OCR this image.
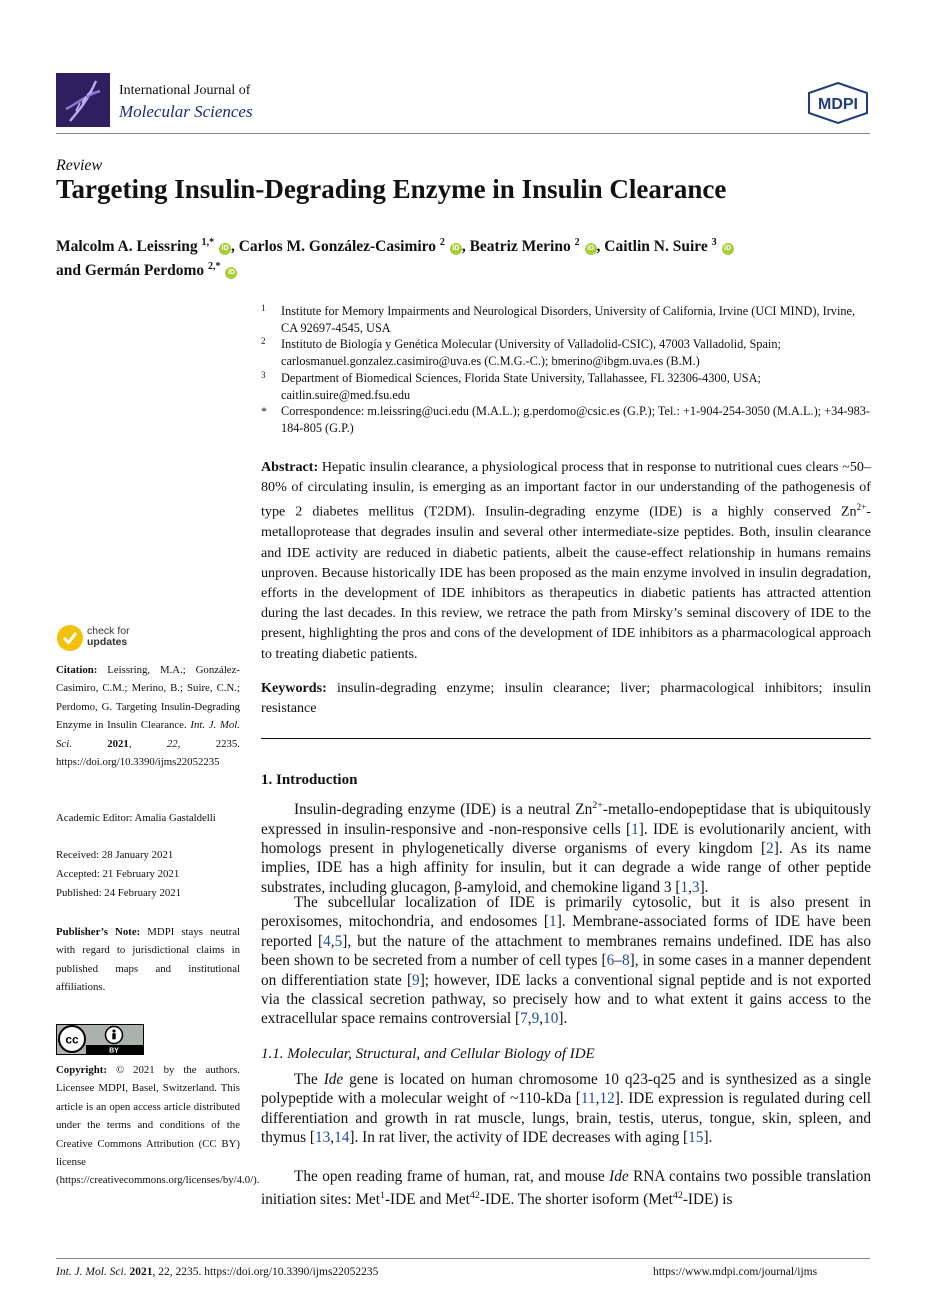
International Journal of
Molecular Sciences	MDPI
Review
Targeting Insulin-Degrading Enzyme in Insulin Clearance
Malcolm A. Leissring $^{1,*}$ iD , Carlos M. González-Casimiro $^2$ iD , Beatriz Merino $^2$ iD , Caitlin N. Suire $^3$ iD
and Germán Perdomo $^{2,*}$ iD
1 Institute for Memory Impairments and Neurological Disorders, University of California, Irvine (UCI MIND), Irvine, CA 92697-4545, USA
2 Instituto de Biología y Genética Molecular (University of Valladolid-CSIC), 47003 Valladolid, Spain; carlosmanuel.gonzalez.casimiro@uva.es (C.M.G.-C.); bmerino@ibgm.uva.es (B.M.)
3 Department of Biomedical Sciences, Florida State University, Tallahassee, FL 32306-4300, USA; caitlin.suire@med.fsu.edu
* Correspondence: m.leissring@uci.edu (M.A.L.); g.perdomo@csic.es (G.P.); Tel.: +1-904-254-3050 (M.A.L.); +34-983-184-805 (G.P.)
Abstract: Hepatic insulin clearance, a physiological process that in response to nutritional cues clears ~50–80% of circulating insulin, is emerging as an important factor in our understanding of the pathogenesis of type 2 diabetes mellitus (T2DM). Insulin-degrading enzyme (IDE) is a highly conserved $Zn^{2+}$-metalloprotease that degrades insulin and several other intermediate-size peptides. Both, insulin clearance and IDE activity are reduced in diabetic patients, albeit the cause-effect relationship in humans remains unproven. Because historically IDE has been proposed as the main enzyme involved in insulin degradation, efforts in the development of IDE inhibitors as therapeutics in diabetic patients has attracted attention during the last decades. In this review, we retrace the path from Mirsky’s seminal discovery of IDE to the present, highlighting the pros and cons of the development of IDE inhibitors as a pharmacological approach to treating diabetic patients.
Keywords: insulin-degrading enzyme; insulin clearance; liver; pharmacological inhibitors; insulin resistance
check for
updates
Citation: Leissring, M.A.; González-Casimiro, C.M.; Merino, B.; Suire, C.N.; Perdomo, G. Targeting Insulin-Degrading Enzyme in Insulin Clearance. Int. J. Mol. Sci. 2021, 22, 2235. https://doi.org/10.3390/ijms22052235
Academic Editor: Amalia Gastaldelli
Received: 28 January 2021
Accepted: 21 February 2021
Published: 24 February 2021
Publisher’s Note: MDPI stays neutral with regard to jurisdictional claims in published maps and institutional affiliations.
cc
BY
Copyright: © 2021 by the authors. Licensee MDPI, Basel, Switzerland. This article is an open access article distributed under the terms and conditions of the Creative Commons Attribution (CC BY) license (https://creativecommons.org/licenses/by/4.0/).
1. Introduction
Insulin-degrading enzyme (IDE) is a neutral $Zn^{2+}-metallo$-endopeptidase that is ubiquitously expressed in insulin-responsive and -non-responsive cells [1]. IDE is evolutionarily ancient, with homologs present in phylogenetically diverse organisms of every kingdom [2]. As its name implies, IDE has a high affinity for insulin, but it can degrade a wide range of other peptide substrates, including glucagon, β-amyloid, and chemokine ligand 3 [1,3].
The subcellular localization of IDE is primarily cytosolic, but it is also present in peroxisomes, mitochondria, and endosomes [1]. Membrane-associated forms of IDE have been reported [4,5], but the nature of the attachment to membranes remains undefined. IDE has also been shown to be secreted from a number of cell types [6–8], in some cases in a manner dependent on differentiation state [9]; however, IDE lacks a conventional signal peptide and is not exported via the classical secretion pathway, so precisely how and to what extent it gains access to the extracellular space remains controversial [7,9,10].
1.1. Molecular, Structural, and Cellular Biology of IDE
The Ide gene is located on human chromosome 10 q23-q25 and is synthesized as a single polypeptide with a molecular weight of ~110-kDa [11,12]. IDE expression is regulated during cell differentiation and growth in rat muscle, lungs, brain, testis, uterus, tongue, skin, spleen, and thymus [13,14]. In rat liver, the activity of IDE decreases with aging [15].
The open reading frame of human, rat, and mouse Ide RNA contains two possible translation initiation sites: Met$^1$-IDE and Met$^{42}$-IDE. The shorter isoform (Met$^{42}$-IDE) is
Int. J. Mol. Sci. 2021, 22, 2235. https://doi.org/10.3390/ijms22052235	https://www.mdpi.com/journal/ijms
